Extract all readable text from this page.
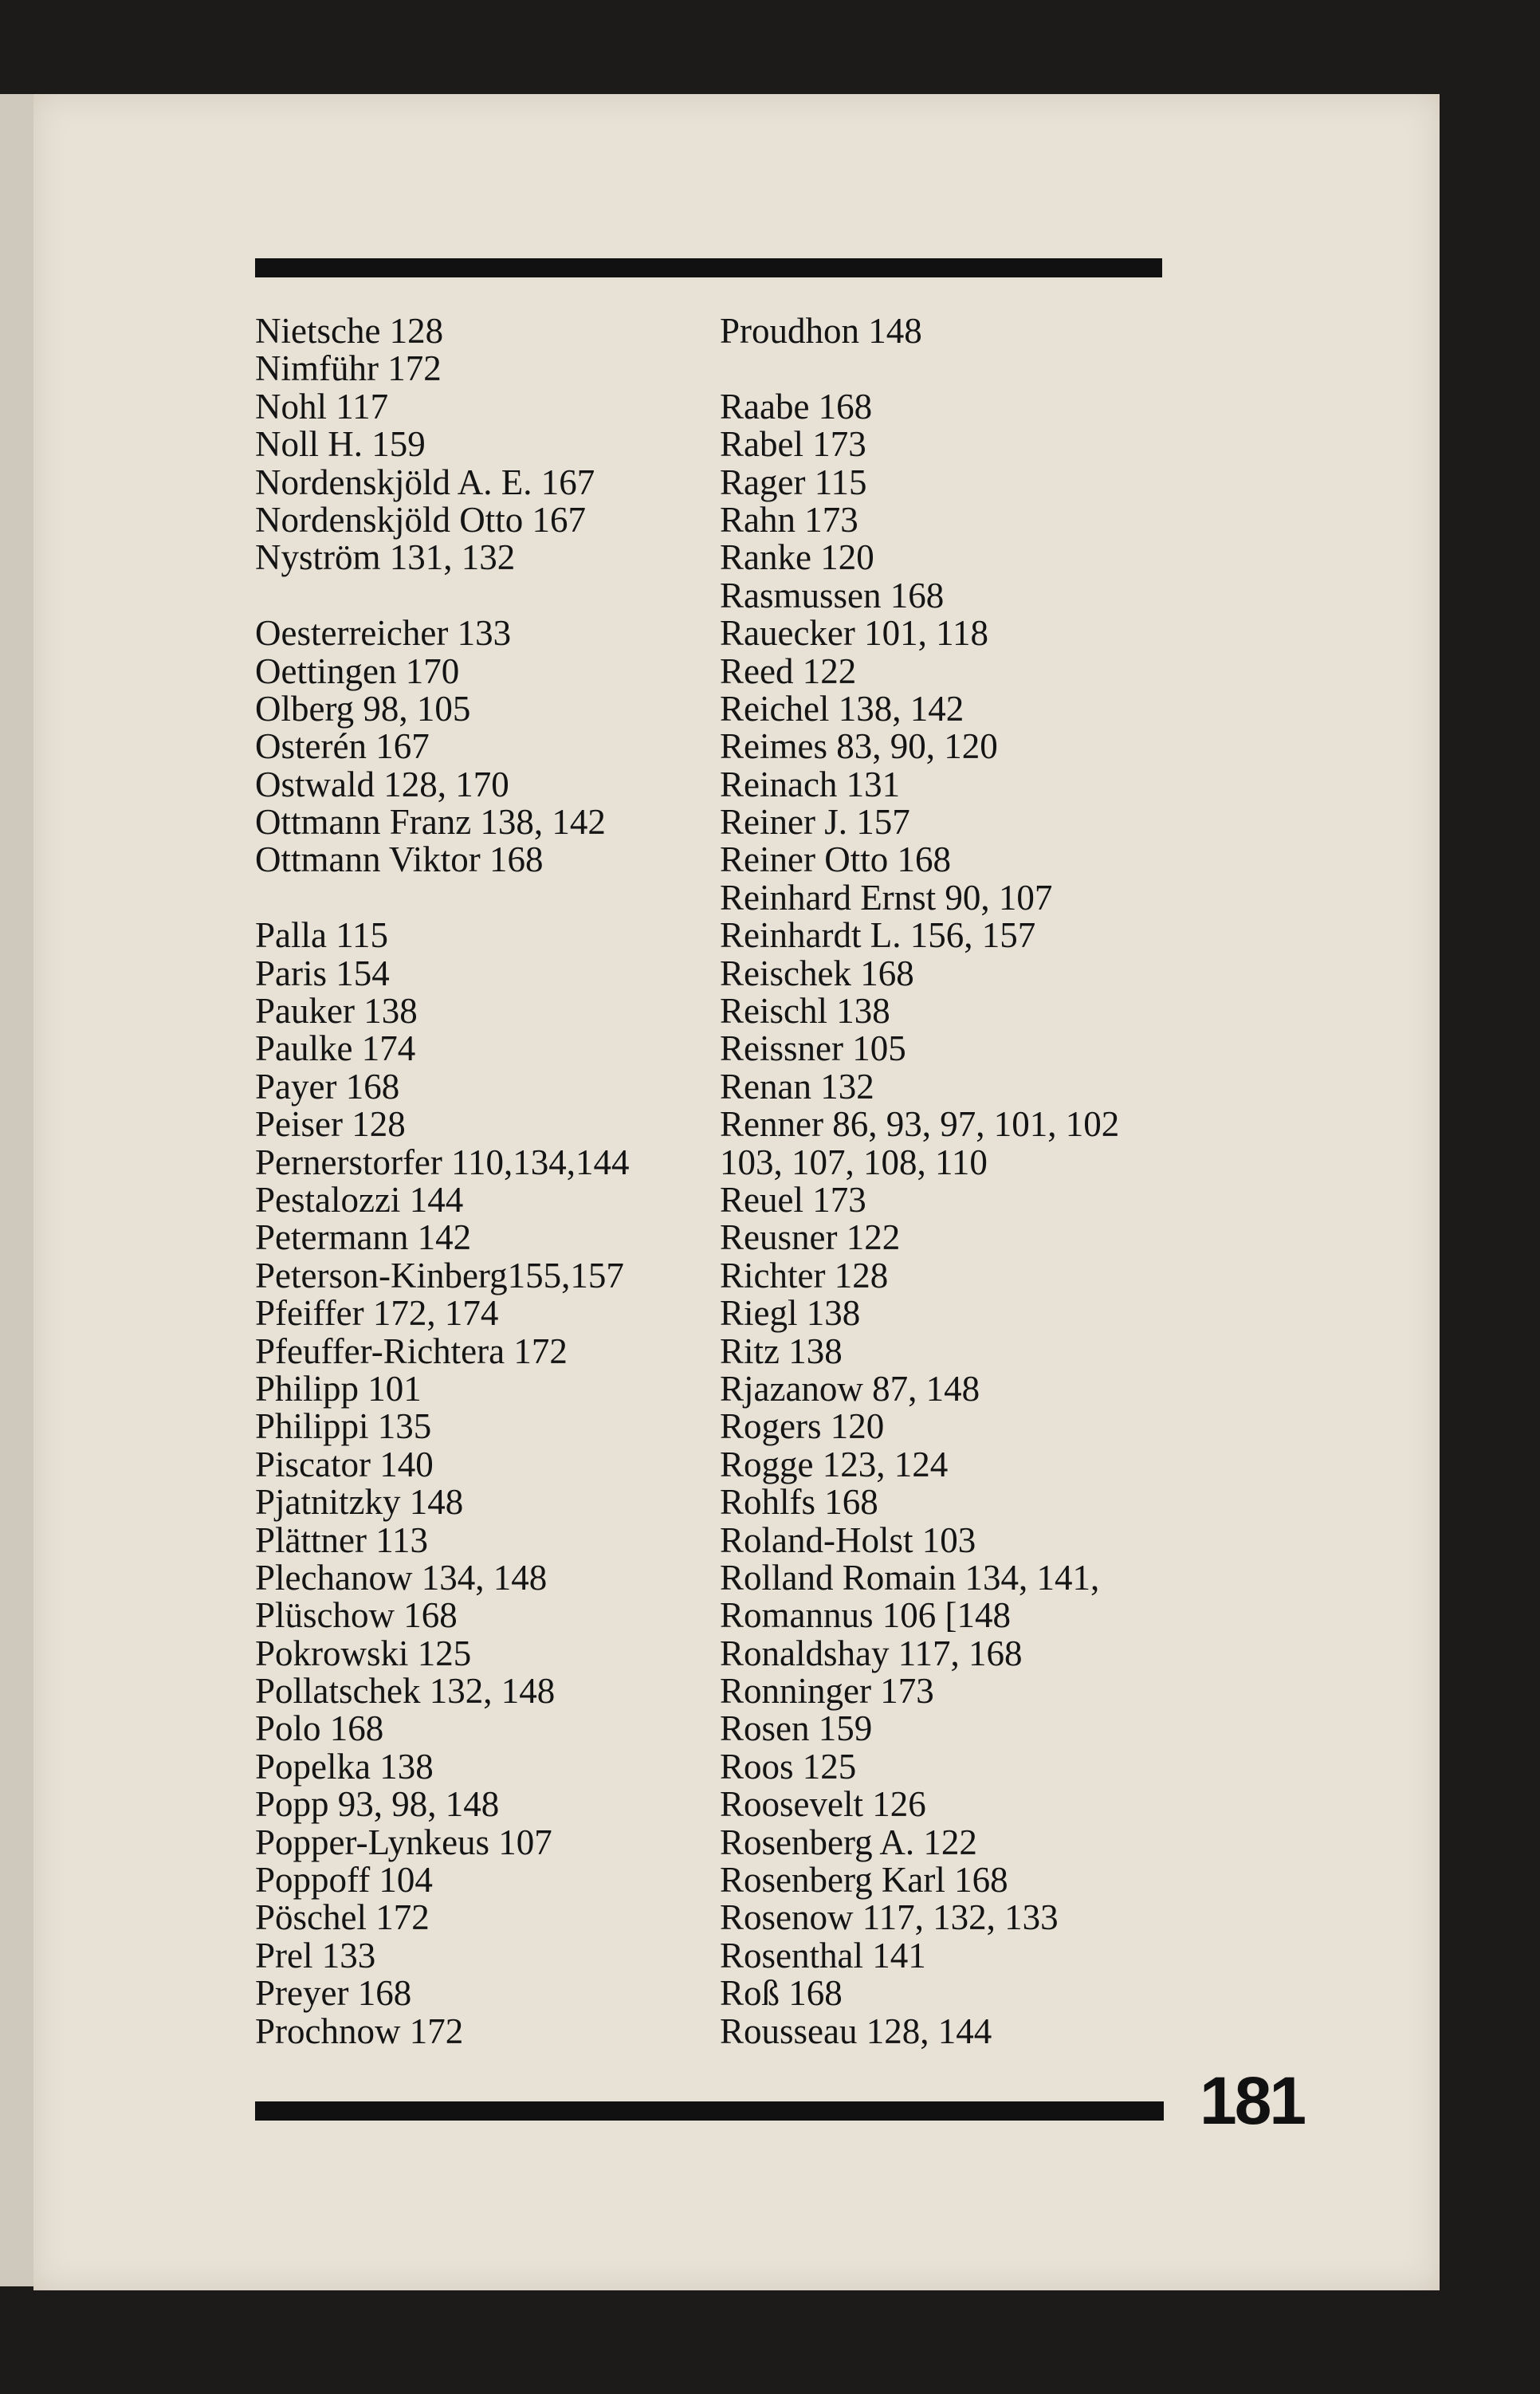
Nietsche 128
Nimführ 172
Nohl 117
Noll H. 159
Nordenskjöld A. E. 167
Nordenskjöld Otto 167
Nyström 131, 132

Oesterreicher 133
Oettingen 170
Olberg 98, 105
Osterén 167
Ostwald 128, 170
Ottmann Franz 138, 142
Ottmann Viktor 168

Palla 115
Paris 154
Pauker 138
Paulke 174
Payer 168
Peiser 128
Pernerstorfer 110,134,144
Pestalozzi 144
Petermann 142
Peterson-Kinberg155,157
Pfeiffer 172, 174
Pfeuffer-Richtera 172
Philipp 101
Philippi 135
Piscator 140
Pjatnitzky 148
Plättner 113
Plechanow 134, 148
Plüschow 168
Pokrowski 125
Pollatschek 132, 148
Polo 168
Popelka 138
Popp 93, 98, 148
Popper-Lynkeus 107
Poppoff 104
Pöschel 172
Prel 133
Preyer 168
Prochnow 172
Proudhon 148

Raabe 168
Rabel 173
Rager 115
Rahn 173
Ranke 120
Rasmussen 168
Rauecker 101, 118
Reed 122
Reichel 138, 142
Reimes 83, 90, 120
Reinach 131
Reiner J. 157
Reiner Otto 168
Reinhard Ernst 90, 107
Reinhardt L. 156, 157
Reischek 168
Reischl 138
Reissner 105
Renan 132
Renner 86, 93, 97, 101, 102
103, 107, 108, 110
Reuel 173
Reusner 122
Richter 128
Riegl 138
Ritz 138
Rjazanow 87, 148
Rogers 120
Rogge 123, 124
Rohlfs 168
Roland-Holst 103
Rolland Romain 134, 141,
Romannus 106 [148
Ronaldshay 117, 168
Ronninger 173
Rosen 159
Roos 125
Roosevelt 126
Rosenberg A. 122
Rosenberg Karl 168
Rosenow 117, 132, 133
Rosenthal 141
Roß 168
Rousseau 128, 144
181
